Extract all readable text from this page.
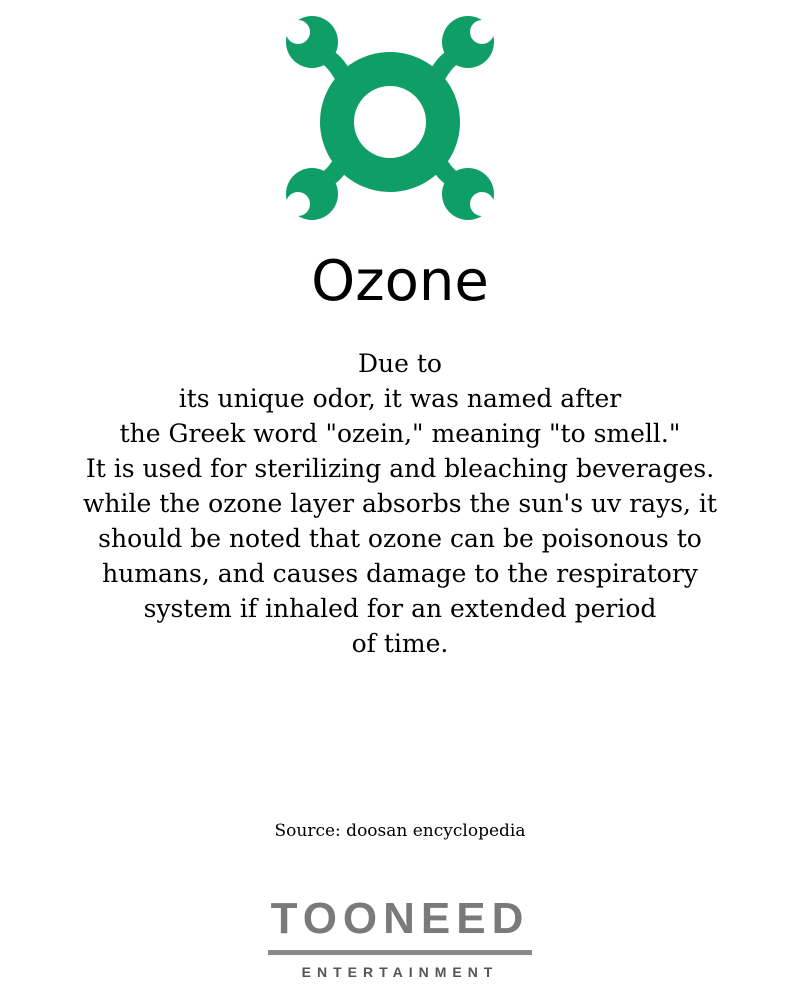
Ozone

Due to
its unique odor, it was named after
the Greek word "ozein," meaning "to smell."
It is used for sterilizing and bleaching beverages.
while the ozone layer absorbs the sun's uv rays, it
should be noted that ozone can be poisonous to
humans, and causes damage to the respiratory
system if inhaled for an extended period
of time.

Source: doosan encyclopedia
TOONEED
ENTERTAINMENT
